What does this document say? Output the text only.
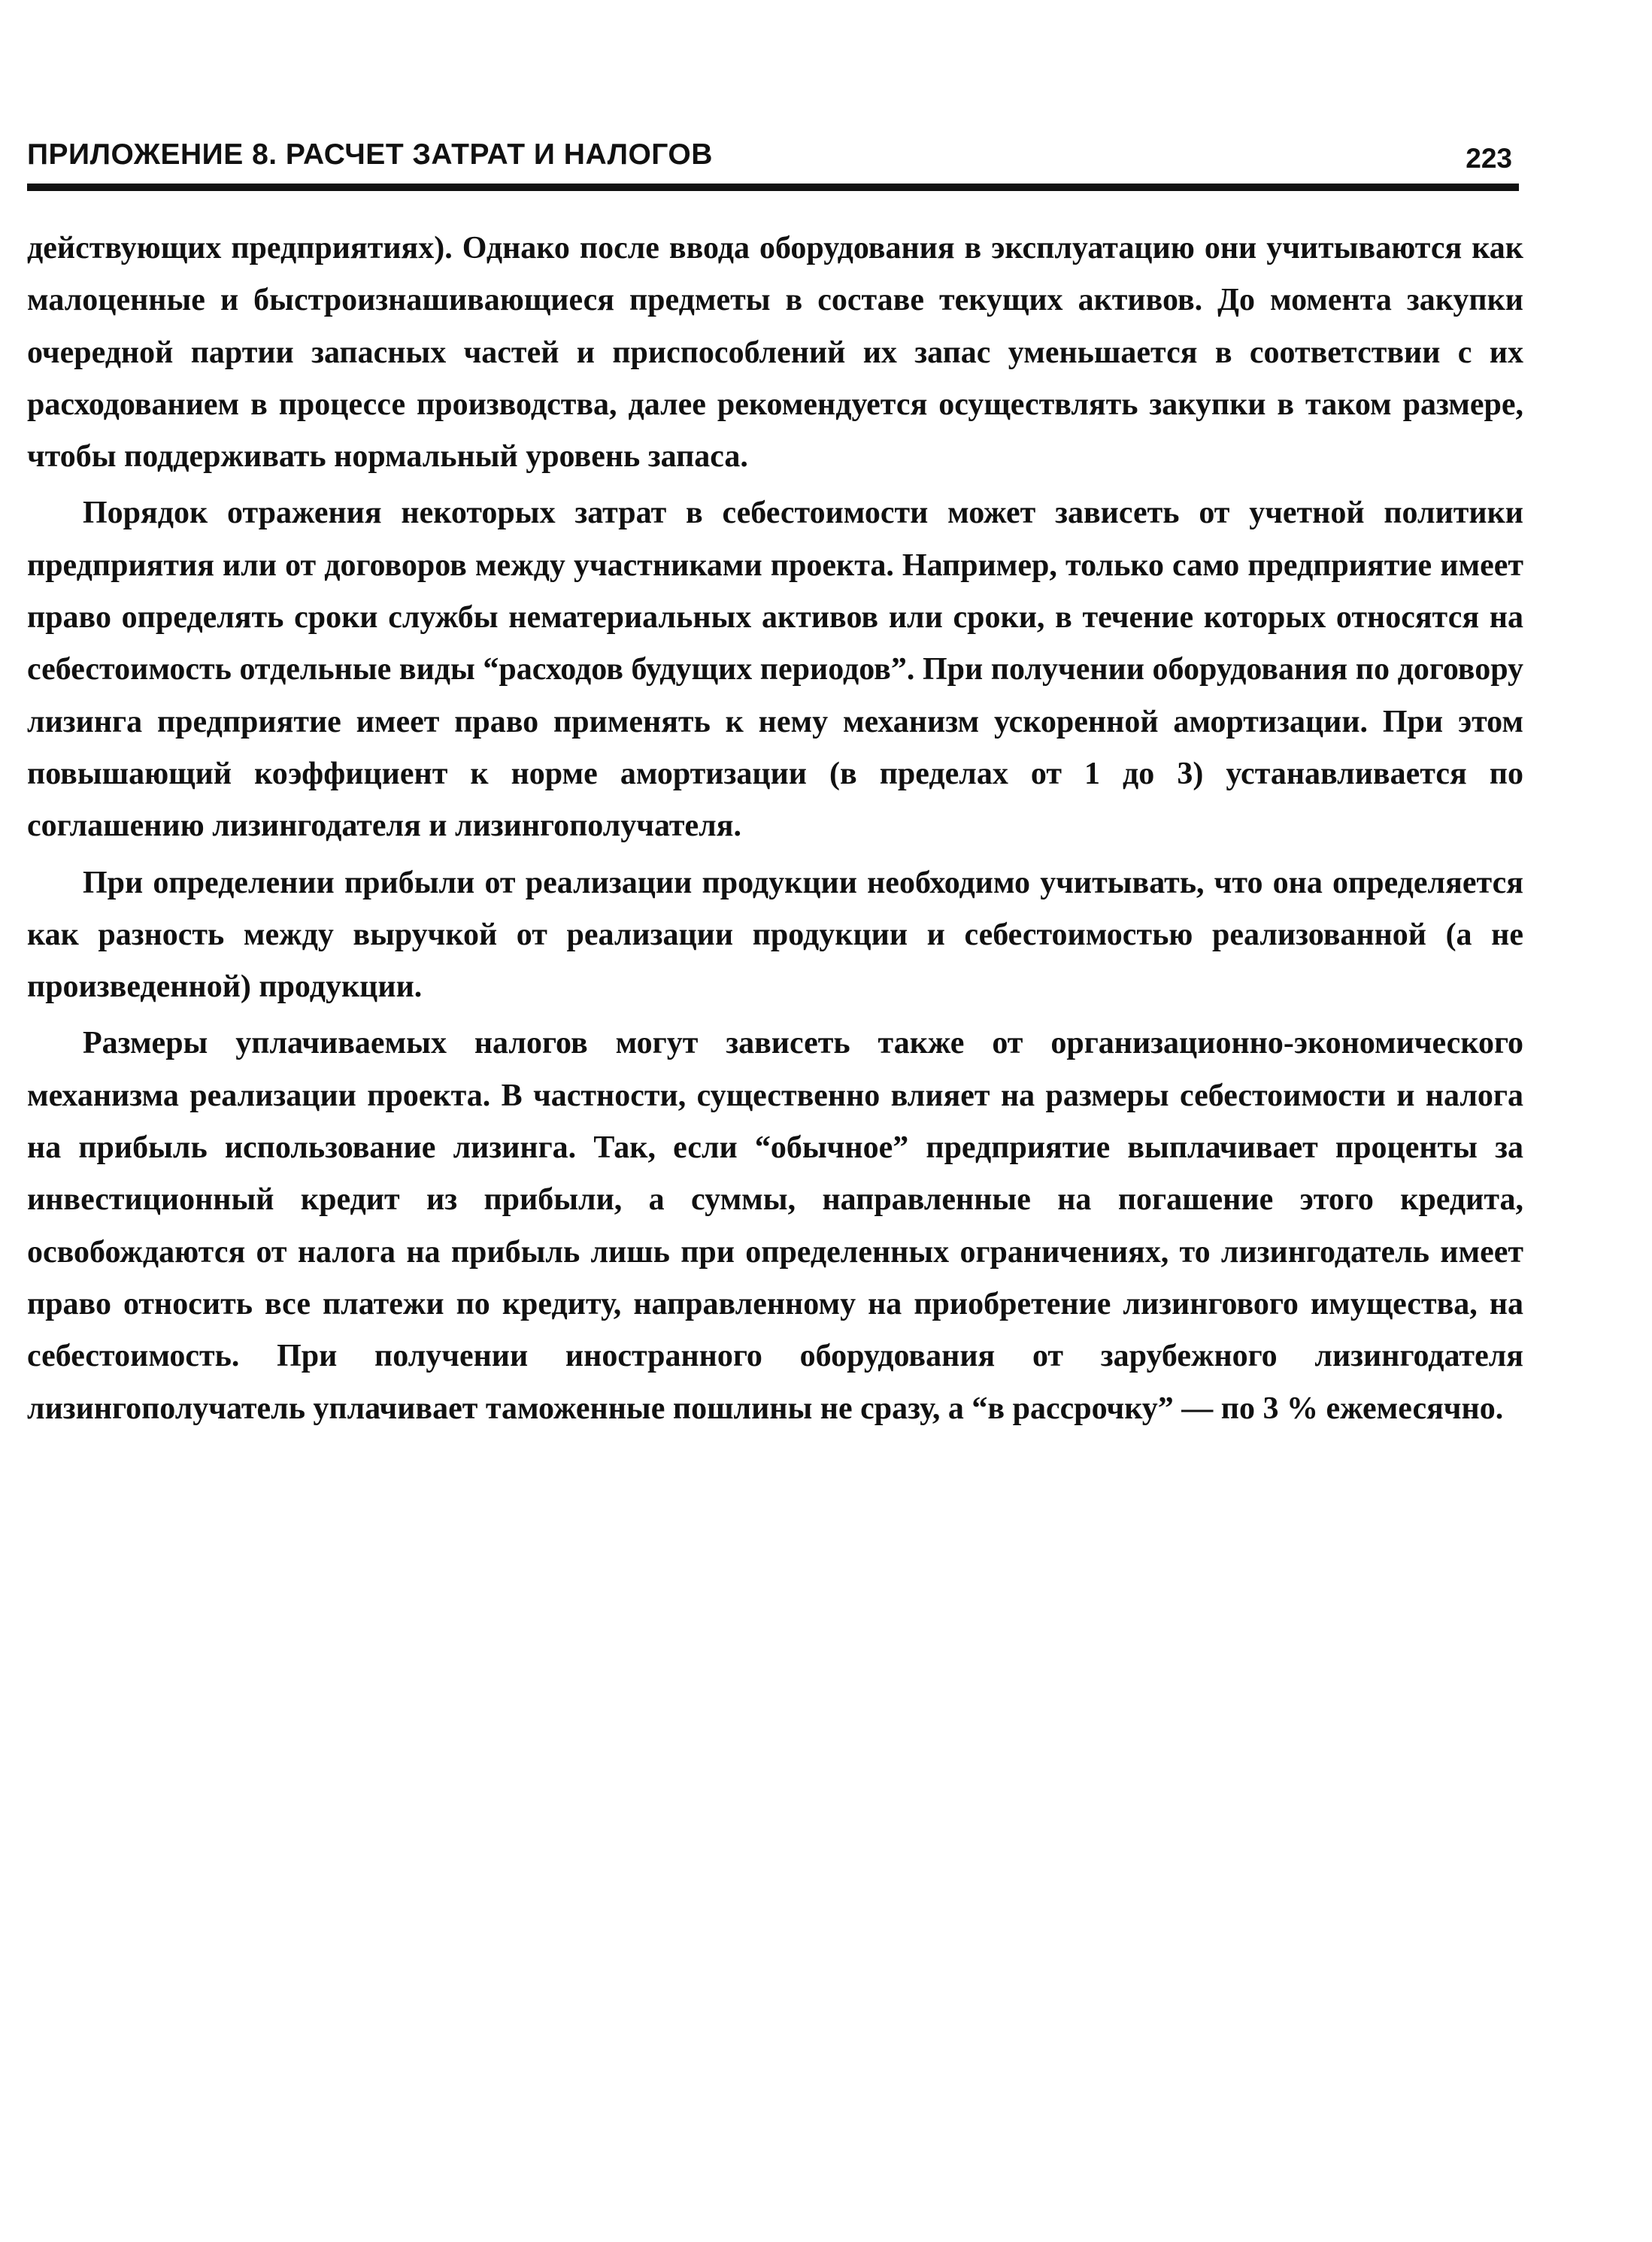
ПРИЛОЖЕНИЕ 8. РАСЧЕТ ЗАТРАТ И НАЛОГОВ	223

действующих предприятиях). Однако после ввода оборудования в эксплуатацию они учитываются как малоценные и быстроизнашивающиеся предметы в составе текущих активов. До момента закупки очередной партии запасных частей и приспособлений их запас уменьшается в соответствии с их расходованием в процессе производства, далее рекомендуется осуществлять закупки в таком размере, чтобы поддерживать нормальный уровень запаса.

Порядок отражения некоторых затрат в себестоимости может зависеть от учетной политики предприятия или от договоров между участниками проекта. Например, только само предприятие имеет право определять сроки службы нематериальных активов или сроки, в течение которых относятся на себестоимость отдельные виды “расходов будущих периодов”. При получении оборудования по договору лизинга предприятие имеет право применять к нему механизм ускоренной амортизации. При этом повышающий коэффициент к норме амортизации (в пределах от 1 до 3) устанавливается по соглашению лизингодателя и лизингополучателя.

При определении прибыли от реализации продукции необходимо учитывать, что она определяется как разность между выручкой от реализации продукции и себестоимостью реализованной (а не произведенной) продукции.

Размеры уплачиваемых налогов могут зависеть также от организационно-экономического механизма реализации проекта. В частности, существенно влияет на размеры себестоимости и налога на прибыль использование лизинга. Так, если “обычное” предприятие выплачивает проценты за инвестиционный кредит из прибыли, а суммы, направленные на погашение этого кредита, освобождаются от налога на прибыль лишь при определенных ограничениях, то лизингодатель имеет право относить все платежи по кредиту, направленному на приобретение лизингового имущества, на себестоимость. При получении иностранного оборудования от зарубежного лизингодателя лизингополучатель уплачивает таможенные пошлины не сразу, а “в рассрочку” — по 3 % ежемесячно.
